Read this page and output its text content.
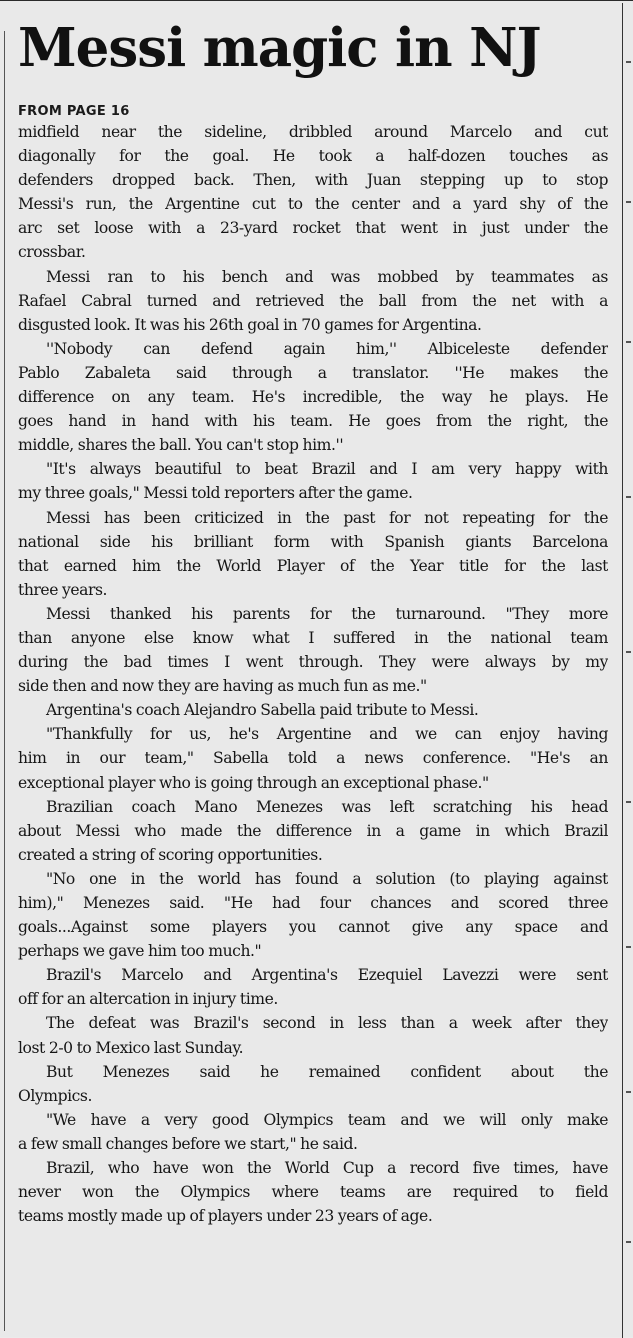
Messi magic in NJ
FROM PAGE 16

midfield near the sideline, dribbled around Marcelo and cut
diagonally for the goal. He took a half-dozen touches as
defenders dropped back. Then, with Juan stepping up to stop
Messi's run, the Argentine cut to the center and a yard shy of the
arc set loose with a 23-yard rocket that went in just under the
crossbar.

Messi ran to his bench and was mobbed by teammates as
Rafael Cabral turned and retrieved the ball from the net with a
disgusted look. It was his 26th goal in 70 games for Argentina.

''Nobody can defend again him,'' Albiceleste defender
Pablo Zabaleta said through a translator. ''He makes the
difference on any team. He's incredible, the way he plays. He
goes hand in hand with his team. He goes from the right, the
middle, shares the ball. You can't stop him.''

"It's always beautiful to beat Brazil and I am very happy with
my three goals," Messi told reporters after the game.

Messi has been criticized in the past for not repeating for the
national side his brilliant form with Spanish giants Barcelona
that earned him the World Player of the Year title for the last
three years.

Messi thanked his parents for the turnaround. "They more
than anyone else know what I suffered in the national team
during the bad times I went through. They were always by my
side then and now they are having as much fun as me."

Argentina's coach Alejandro Sabella paid tribute to Messi.

"Thankfully for us, he's Argentine and we can enjoy having
him in our team," Sabella told a news conference. "He's an
exceptional player who is going through an exceptional phase."

Brazilian coach Mano Menezes was left scratching his head
about Messi who made the difference in a game in which Brazil
created a string of scoring opportunities.

"No one in the world has found a solution (to playing against
him)," Menezes said. "He had four chances and scored three
goals...Against some players you cannot give any space and
perhaps we gave him too much."

Brazil's Marcelo and Argentina's Ezequiel Lavezzi were sent
off for an altercation in injury time.

The defeat was Brazil's second in less than a week after they
lost 2-0 to Mexico last Sunday.

But Menezes said he remained confident about the
Olympics.

"We have a very good Olympics team and we will only make
a few small changes before we start," he said.

Brazil, who have won the World Cup a record five times, have
never won the Olympics where teams are required to field
teams mostly made up of players under 23 years of age.
